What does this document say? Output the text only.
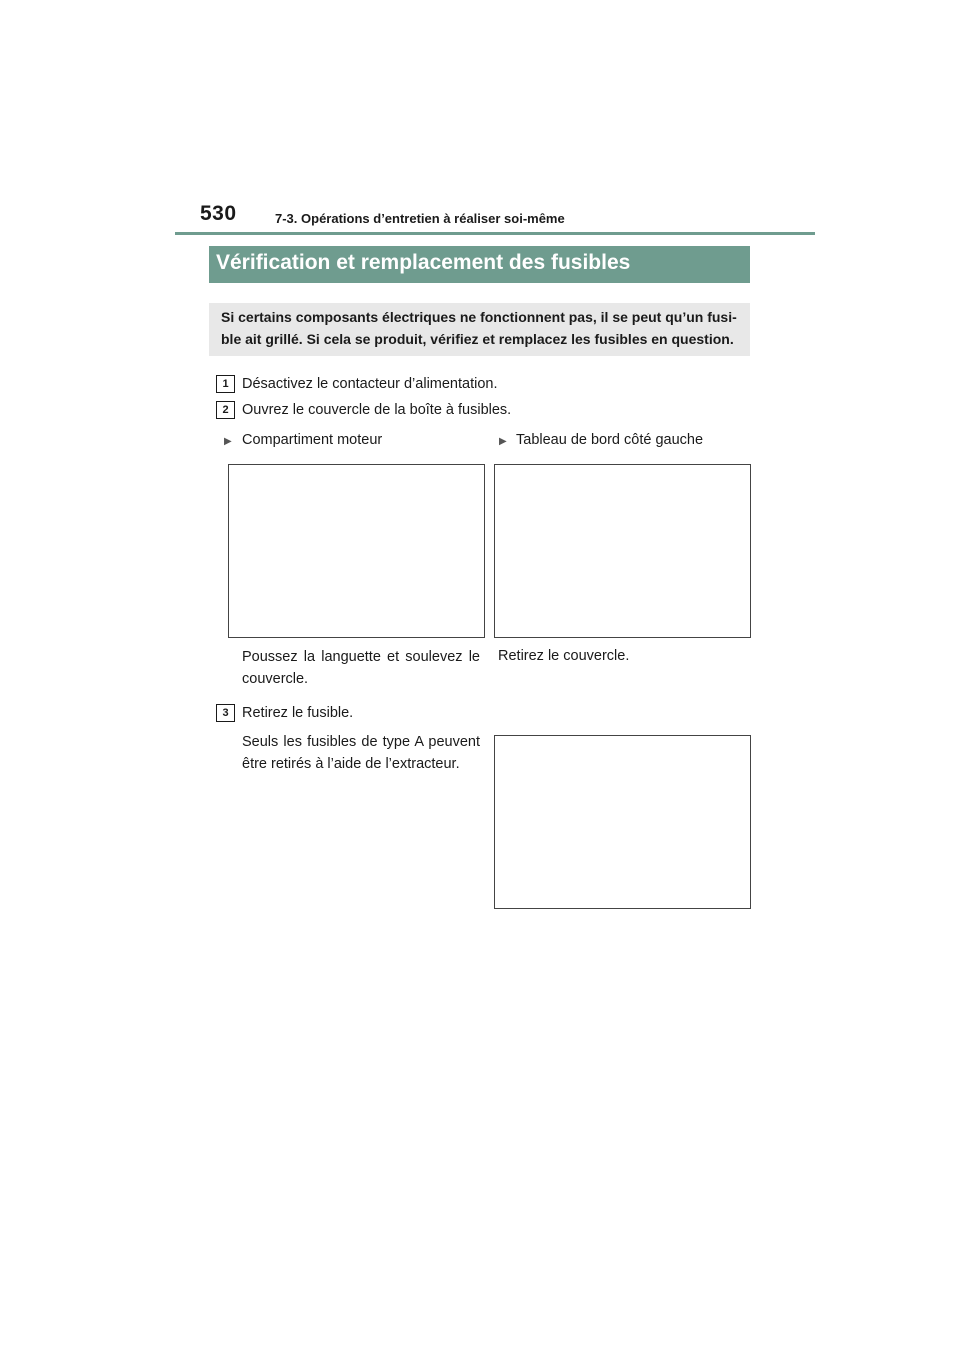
530	7-3. Opérations d’entretien à réaliser soi-même
Vérification et remplacement des fusibles
Si certains composants électriques ne fonctionnent pas, il se peut qu’un fusi-
ble ait grillé. Si cela se produit, vérifiez et remplacez les fusibles en question.
1 Désactivez le contacteur d’alimentation.
2 Ouvrez le couvercle de la boîte à fusibles.
▶ Compartiment moteur	▶ Tableau de bord côté gauche
Poussez la languette et soulevez le couvercle.
Retirez le couvercle.
3 Retirez le fusible.
Seuls les fusibles de type A peuvent être retirés à l’aide de l’extracteur.
